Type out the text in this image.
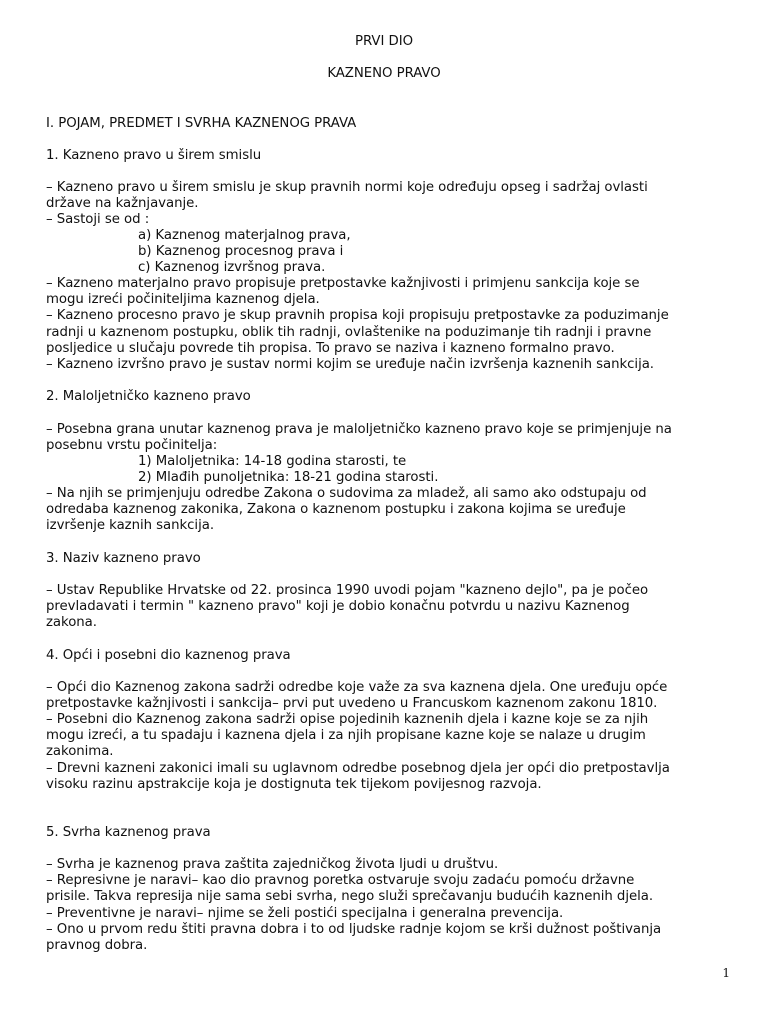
PRVI DIO
KAZNENO PRAVO
I. POJAM, PREDMET I SVRHA KAZNENOG PRAVA
1. Kazneno pravo u širem smislu
– Kazneno pravo u širem smislu je skup pravnih normi koje određuju opseg i sadržaj ovlasti
države na kažnjavanje.
– Sastoji se od :
a) Kaznenog materjalnog prava,
b) Kaznenog procesnog prava i
c) Kaznenog izvršnog prava.
– Kazneno materjalno pravo propisuje pretpostavke kažnjivosti i primjenu sankcija koje se
mogu izreći počiniteljima kaznenog djela.
– Kazneno procesno pravo je skup pravnih propisa koji propisuju pretpostavke za poduzimanje
radnji u kaznenom postupku, oblik tih radnji, ovlaštenike na poduzimanje tih radnji i pravne
posljedice u slučaju povrede tih propisa. To pravo se naziva i kazneno formalno pravo.
– Kazneno izvršno pravo je sustav normi kojim se uređuje način izvršenja kaznenih sankcija.
2. Maloljetničko kazneno pravo
– Posebna grana unutar kaznenog prava je maloljetničko kazneno pravo koje se primjenjuje na
posebnu vrstu počinitelja:
1) Maloljetnika: 14-18 godina starosti, te
2) Mlađih punoljetnika: 18-21 godina starosti.
– Na njih se primjenjuju odredbe Zakona o sudovima za mladež, ali samo ako odstupaju od
odredaba kaznenog zakonika, Zakona o kaznenom postupku i zakona kojima se uređuje
izvršenje kaznih sankcija.
3. Naziv kazneno pravo
– Ustav Republike Hrvatske od 22. prosinca 1990 uvodi pojam "kazneno dejlo", pa je počeo
prevladavati i termin " kazneno pravo" koji je dobio konačnu potvrdu u nazivu Kaznenog
zakona.
4. Opći i posebni dio kaznenog prava
– Opći dio Kaznenog zakona sadrži odredbe koje važe za sva kaznena djela. One uređuju opće
pretpostavke kažnjivosti i sankcija– prvi put uvedeno u Francuskom kaznenom zakonu 1810.
– Posebni dio Kaznenog zakona sadrži opise pojedinih kaznenih djela i kazne koje se za njih
mogu izreći, a tu spadaju i kaznena djela i za njih propisane kazne koje se nalaze u drugim
zakonima.
– Drevni kazneni zakonici imali su uglavnom odredbe posebnog djela jer opći dio pretpostavlja
visoku razinu apstrakcije koja je dostignuta tek tijekom povijesnog razvoja.
5. Svrha kaznenog prava
– Svrha je kaznenog prava zaštita zajedničkog života ljudi u društvu.
– Represivne je naravi– kao dio pravnog poretka ostvaruje svoju zadaću pomoću državne
prisile. Takva represija nije sama sebi svrha, nego služi sprečavanju budućih kaznenih djela.
– Preventivne je naravi– njime se želi postići specijalna i generalna prevencija.
– Ono u prvom redu štiti pravna dobra i to od ljudske radnje kojom se krši dužnost poštivanja
pravnog dobra.
1
